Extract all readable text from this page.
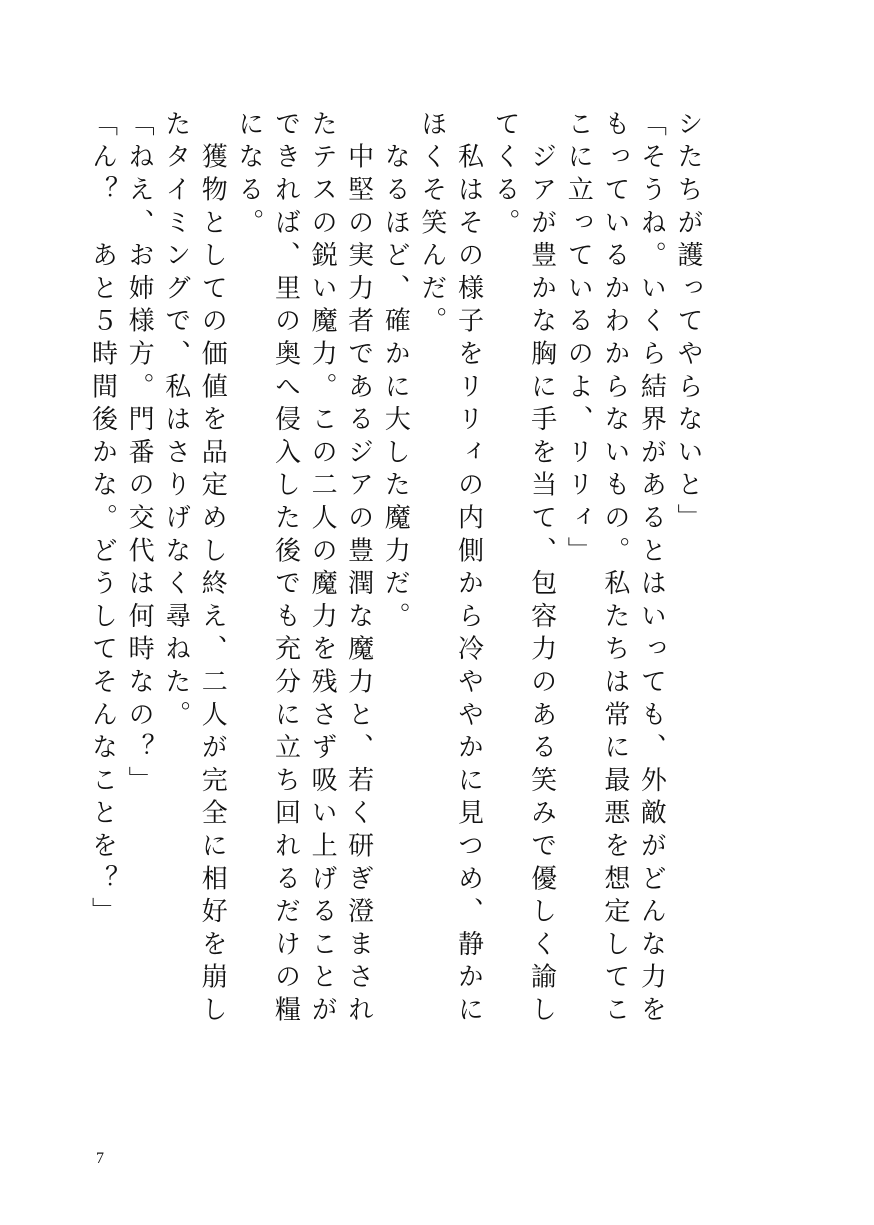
シたちが護ってやらないと」

「そうね。いくら結界があるとはいっても、外敵がどんな力をもっているかわからないもの。私たちは常に最悪を想定してここに立っているのよ、リリィ」

　ジアが豊かな胸に手を当て、包容力のある笑みで優しく諭してくる。

　私はその様子をリリィの内側から冷ややかに見つめ、静かにほくそ笑んだ。

　なるほど、確かに大した魔力だ。

　中堅の実力者であるジアの豊潤な魔力と、若く研ぎ澄まされたテスの鋭い魔力。この二人の魔力を残さず吸い上げることができれば、里の奥へ侵入した後でも充分に立ち回れるだけの糧になる。

　獲物としての価値を品定めし終え、二人が完全に相好を崩したタイミングで、私はさりげなく尋ねた。

「ねえ、お姉様方。門番の交代は何時なの？」

「ん？　あと５時間後かな。どうしてそんなことを？」

7
